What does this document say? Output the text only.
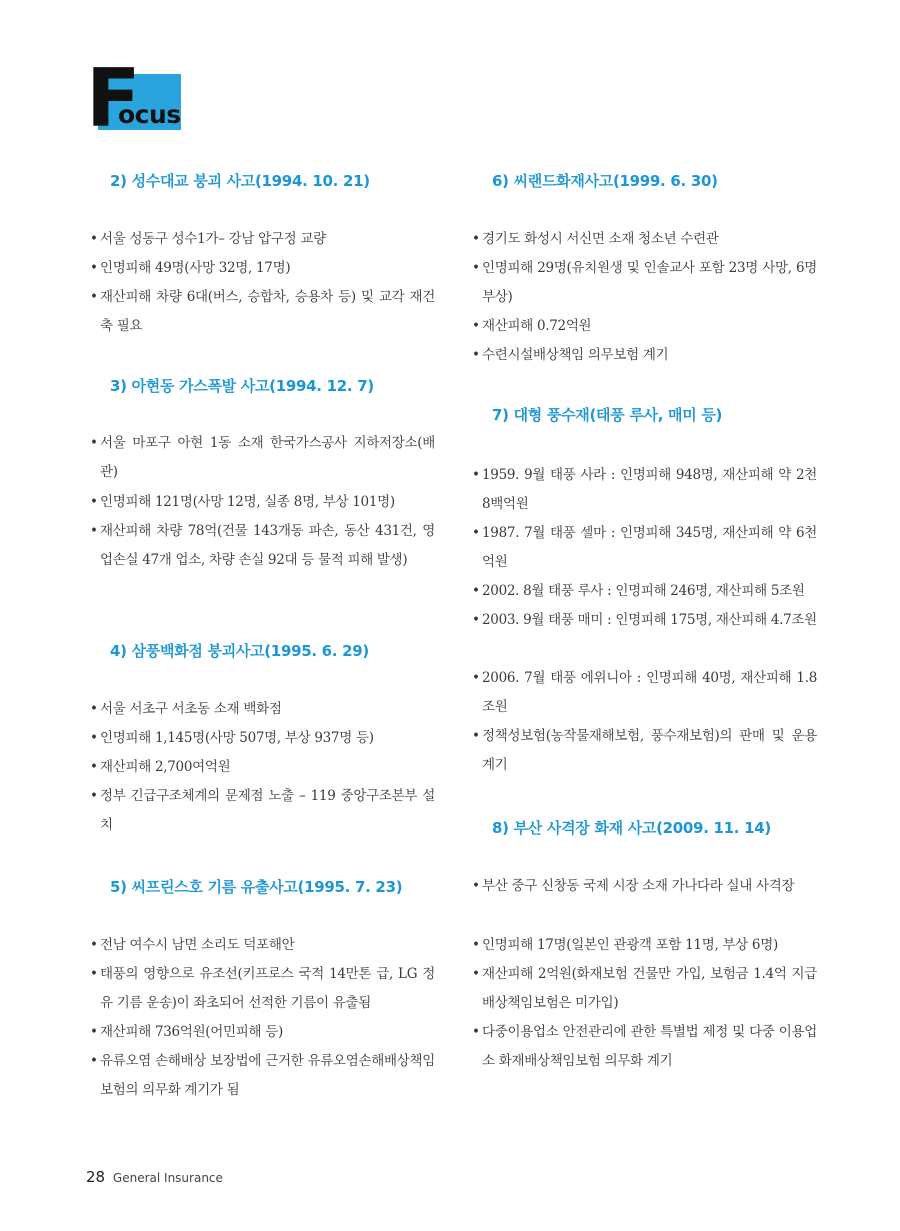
F
ocus
2) 성수대교 붕괴 사고(1994. 10. 21)
• 서울 성동구 성수1가– 강남 압구정 교량
• 인명피해 49명(사망 32명, 17명)
• 재산피해 차량 6대(버스, 승합차, 승용차 등) 및 교각 재건축 필요
3) 아현동 가스폭발 사고(1994. 12. 7)
• 서울 마포구 아현 1동 소재 한국가스공사 지하저장소(배관)
• 인명피해 121명(사망 12명, 실종 8명, 부상 101명)
• 재산피해 차량 78억(건물 143개동 파손, 동산 431건, 영업손실 47개 업소, 차량 손실 92대 등 물적 피해 발생)
4) 삼풍백화점 붕괴사고(1995. 6. 29)
• 서울 서초구 서초동 소재 백화점
• 인명피해 1,145명(사망 507명, 부상 937명 등)
• 재산피해 2,700여억원
• 정부 긴급구조체계의 문제점 노출 – 119 중앙구조본부 설치
5) 씨프린스호 기름 유출사고(1995. 7. 23)
• 전남 여수시 남면 소리도 덕포해안
• 태풍의 영향으로 유조선(키프로스 국적 14만톤 급, LG 정유 기름 운송)이 좌초되어 선적한 기름이 유출됨
• 재산피해 736억원(어민피해 등)
• 유류오염 손해배상 보장법에 근거한 유류오염손해배상책임보험의 의무화 계기가 됨
6) 씨랜드화재사고(1999. 6. 30)
• 경기도 화성시 서신면 소재 청소년 수련관
• 인명피해 29명(유치원생 및 인솔교사 포함 23명 사망, 6명 부상)
• 재산피해 0.72억원
• 수련시설배상책임 의무보험 계기
7) 대형 풍수재(태풍 루사, 매미 등)
• 1959. 9월 태풍 사라 : 인명피해 948명, 재산피해 약 2천 8백억원
• 1987. 7월 태풍 셀마 : 인명피해 345명, 재산피해 약 6천억원
• 2002. 8월 태풍 루사 : 인명피해 246명, 재산피해 5조원
• 2003. 9월 태풍 매미 : 인명피해 175명, 재산피해 4.7조원
• 2006. 7월 태풍 에위니아 : 인명피해 40명, 재산피해 1.8조원
• 정책성보험(농작물재해보험, 풍수재보험)의 판매 및 운용 계기
8) 부산 사격장 화재 사고(2009. 11. 14)
• 부산 중구 신창동 국제 시장 소재 가나다라 실내 사격장
• 인명피해 17명(일본인 관광객 포함 11명, 부상 6명)
• 재산피해 2억원(화재보험 건물만 가입, 보험금 1.4억 지급 배상책임보험은 미가입)
• 다중이용업소 안전관리에 관한 특별법 제정 및 다중 이용업소 화재배상책임보험 의무화 계기
28 General Insurance
